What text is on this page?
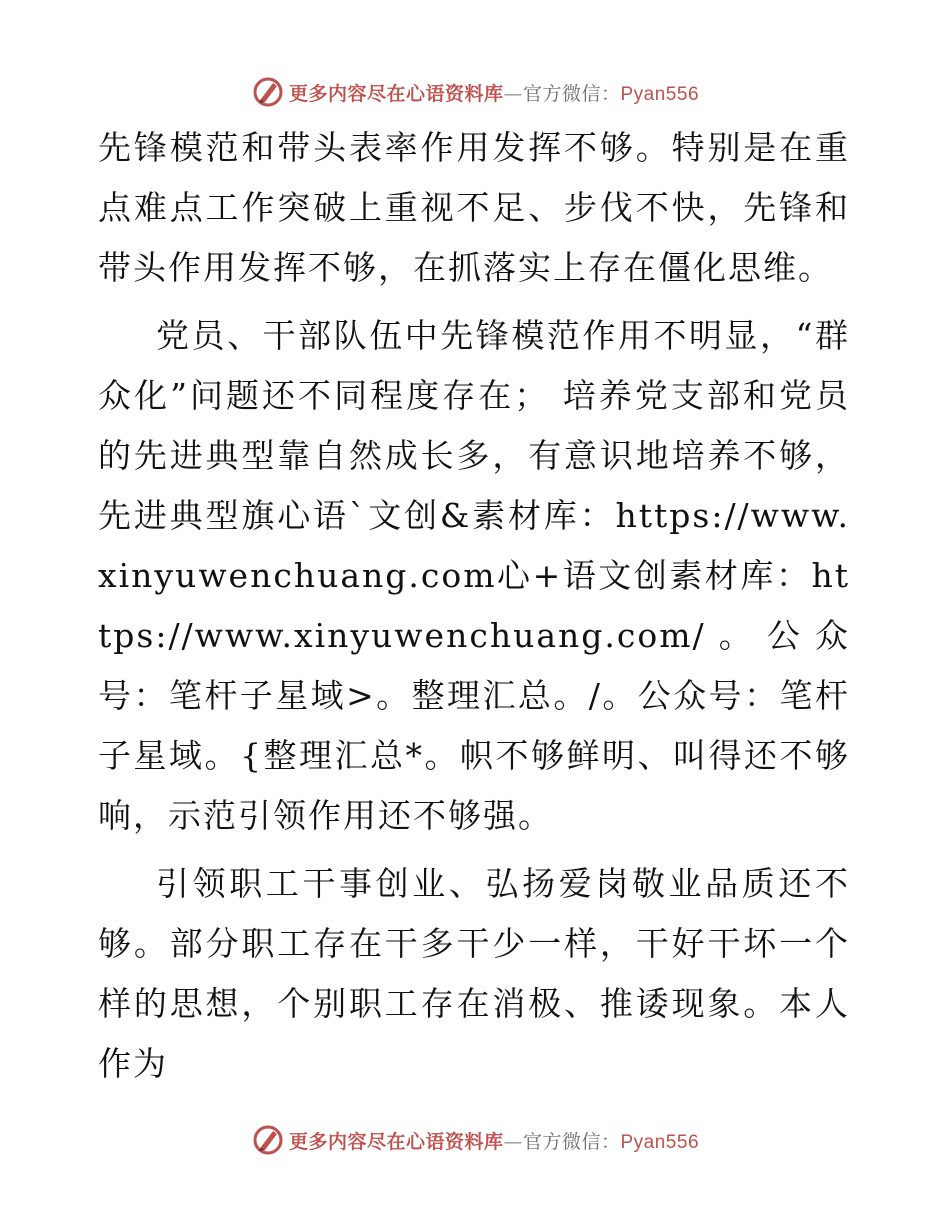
更多内容尽在心语资料库—官方微信：Pyan556

先锋模范和带头表率作用发挥不够。特别是在重点难点工作突破上重视不足、步伐不快，先锋和带头作用发挥不够，在抓落实上存在僵化思维。

党员、干部队伍中先锋模范作用不明显，“群众化”问题还不同程度存在； 培养党支部和党员的先进典型靠自然成长多，有意识地培养不够，先进典型旗心语`文创&素材库：https://www.xinyuwenchuang.com心+语文创素材库：https://www.xinyuwenchuang.com/。公众号：笔杆子星域>。整理汇总。/。公众号：笔杆子星域。{整理汇总*。帜不够鲜明、叫得还不够响，示范引领作用还不够强。

引领职工干事创业、弘扬爱岗敬业品质还不够。部分职工存在干多干少一样，干好干坏一个样的思想，个别职工存在消极、推诿现象。本人作为

更多内容尽在心语资料库—官方微信：Pyan556
